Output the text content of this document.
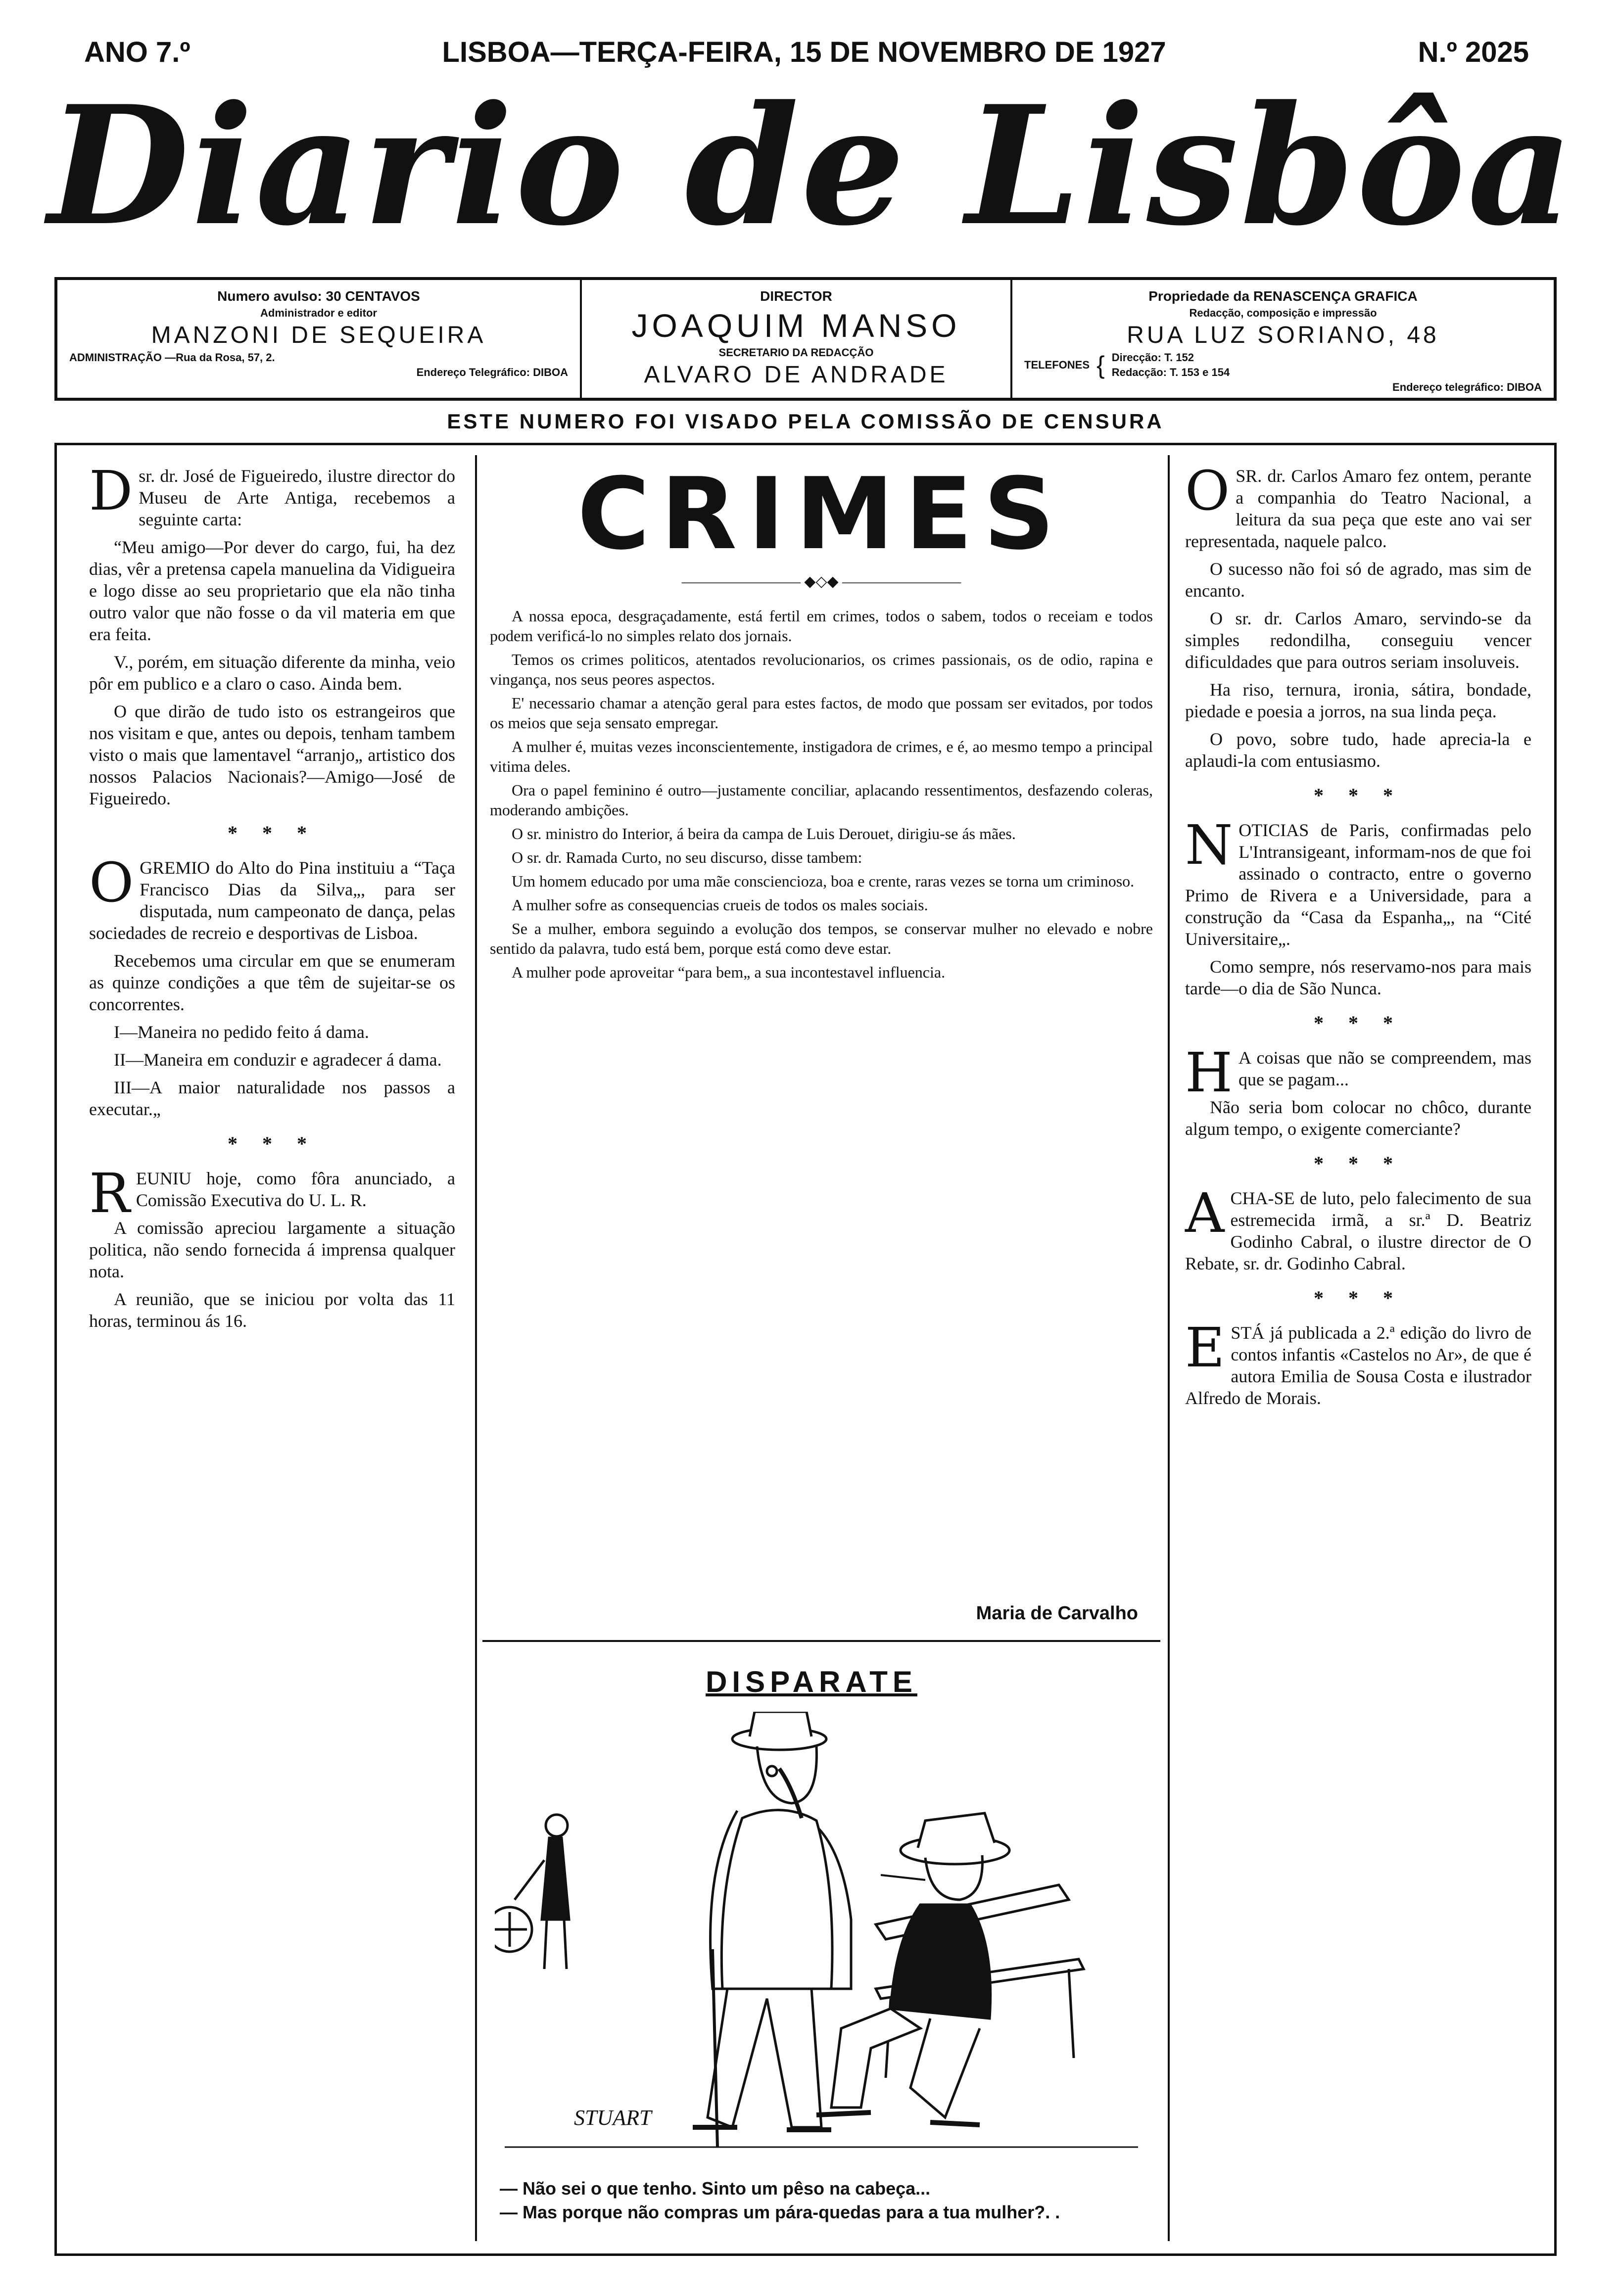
ANO 7.º	LISBOA—TERÇA-FEIRA, 15 DE NOVEMBRO DE 1927	N.º 2025
Diario de Lisbôa
Numero avulso: 30 CENTAVOS
Administrador e editor
MANZONI DE SEQUEIRA
ADMINISTRAÇÃO —Rua da Rosa, 57, 2.
Endereço Telegráfico: DIBOA
DIRECTOR
JOAQUIM MANSO
SECRETARIO DA REDACÇÃO
ALVARO DE ANDRADE
Propriedade da RENASCENÇA GRAFICA
Redacção, composição e impressão
RUA LUZ SORIANO, 48
TELEFONES { Direcção: T. 152
Redacção: T. 153 e 154
Endereço telegráfico: DIBOA
ESTE NUMERO FOI VISADO PELA COMISSÃO DE CENSURA

Dsr. dr. José de Figueiredo, ilustre director do Museu de Arte Antiga, recebemos a seguinte carta:

“Meu amigo—Por dever do cargo, fui, ha dez dias, vêr a pretensa capela manuelina da Vidigueira e logo disse ao seu proprietario que ela não tinha outro valor que não fosse o da vil materia em que era feita.

V., porém, em situação diferente da minha, veio pôr em publico e a claro o caso. Ainda bem.

O que dirão de tudo isto os estrangeiros que nos visitam e que, antes ou depois, tenham tambem visto o mais que lamentavel “arranjo„ artistico dos nossos Palacios Nacionais?—Amigo—José de Figueiredo.

* * *

OGREMIO do Alto do Pina instituiu a “Taça Francisco Dias da Silva„, para ser disputada, num campeonato de dança, pelas sociedades de recreio e desportivas de Lisboa.

Recebemos uma circular em que se enumeram as quinze condições a que têm de sujeitar-se os concorrentes.

I—Maneira no pedido feito á dama.

II—Maneira em conduzir e agradecer á dama.

III—A maior naturalidade nos passos a executar.„

* * *

REUNIU hoje, como fôra anunciado, a Comissão Executiva do U. L. R.

A comissão apreciou largamente a situação politica, não sendo fornecida á imprensa qualquer nota.

A reunião, que se iniciou por volta das 11 horas, terminou ás 16.

CRIMES
———————— ◆◇◆ ————————

A nossa epoca, desgraçadamente, está fertil em crimes, todos o sabem, todos o receiam e todos podem verificá-lo no simples relato dos jornais.

Temos os crimes politicos, atentados revolucionarios, os crimes passionais, os de odio, rapina e vingança, nos seus peores aspectos.

E' necessario chamar a atenção geral para estes factos, de modo que possam ser evitados, por todos os meios que seja sensato empregar.

A mulher é, muitas vezes inconscientemente, instigadora de crimes, e é, ao mesmo tempo a principal vitima deles.

Ora o papel feminino é outro—justamente conciliar, aplacando ressentimentos, desfazendo coleras, moderando ambições.

O sr. ministro do Interior, á beira da campa de Luis Derouet, dirigiu-se ás mães.

O sr. dr. Ramada Curto, no seu discurso, disse tambem:

Um homem educado por uma mãe consciencioza, boa e crente, raras vezes se torna um criminoso.

A mulher sofre as consequencias crueis de todos os males sociais.

Se a mulher, embora seguindo a evolução dos tempos, se conservar mulher no elevado e nobre sentido da palavra, tudo está bem, porque está como deve estar.

A mulher pode aproveitar “para bem„ a sua incontestavel influencia.

Maria de Carvalho
DISPARATE
STUART
— Não sei o que tenho. Sinto um pêso na cabeça...
— Mas porque não compras um pára-quedas para a tua mulher?. .

OSR. dr. Carlos Amaro fez ontem, perante a companhia do Teatro Nacional, a leitura da sua peça que este ano vai ser representada, naquele palco.

O sucesso não foi só de agrado, mas sim de encanto.

O sr. dr. Carlos Amaro, servindo-se da simples redondilha, conseguiu vencer dificuldades que para outros seriam insoluveis.

Ha riso, ternura, ironia, sátira, bondade, piedade e poesia a jorros, na sua linda peça.

O povo, sobre tudo, hade aprecia-la e aplaudi-la com entusiasmo.

* * *

NOTICIAS de Paris, confirmadas pelo L'Intransigeant, informam-nos de que foi assinado o contracto, entre o governo Primo de Rivera e a Universidade, para a construção da “Casa da Espanha„, na “Cité Universitaire„.

Como sempre, nós reservamo-nos para mais tarde—o dia de São Nunca.

* * *

H A coisas que não se compreendem, mas que se pagam...

Não seria bom colocar no chôco, durante algum tempo, o exigente comerciante?

* * *

ACHA-SE de luto, pelo falecimento de sua estremecida irmã, a sr.ª D. Beatriz Godinho Cabral, o ilustre director de O Rebate, sr. dr. Godinho Cabral.

* * *

ESTÁ já publicada a 2.ª edição do livro de contos infantis «Castelos no Ar», de que é autora Emilia de Sousa Costa e ilustrador Alfredo de Morais.
